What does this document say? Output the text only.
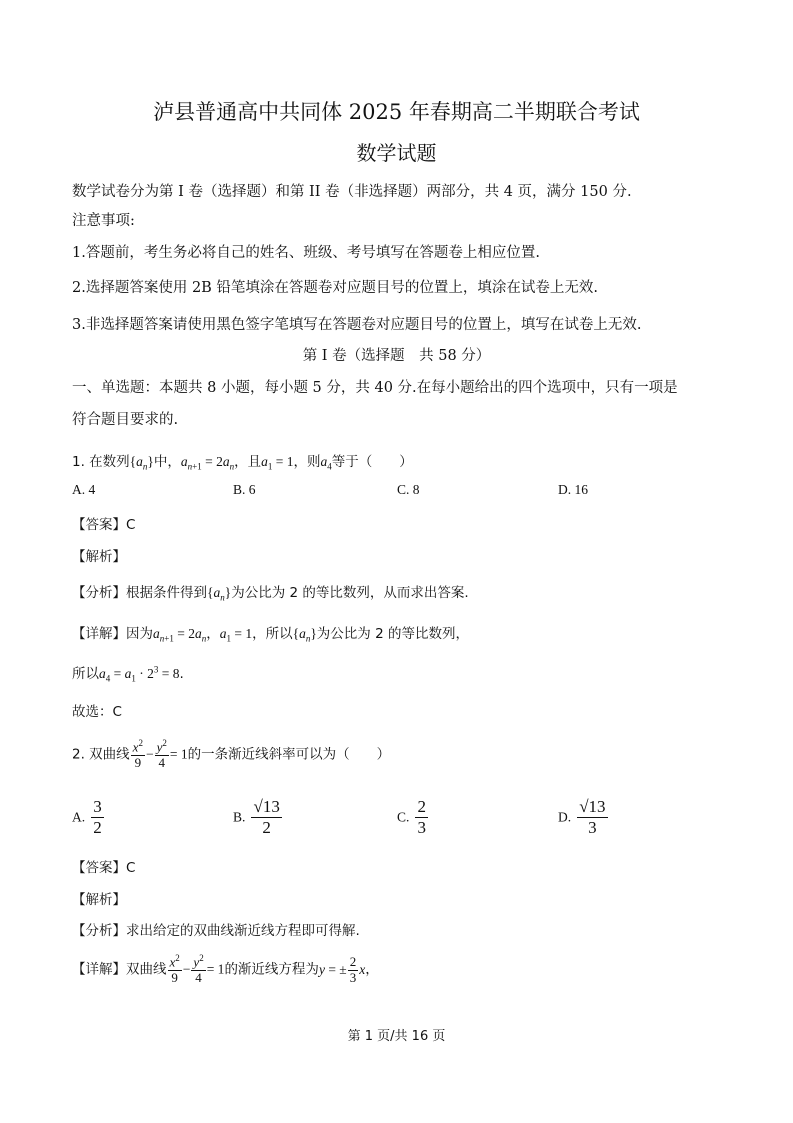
泸县普通高中共同体 2025 年春期高二半期联合考试
数学试题
数学试卷分为第 I 卷（选择题）和第 II 卷（非选择题）两部分，共 4 页，满分 150 分.
注意事项:
1.答题前，考生务必将自己的姓名、班级、考号填写在答题卷上相应位置.
2.选择题答案使用 2B 铅笔填涂在答题卷对应题目号的位置上，填涂在试卷上无效.
3.非选择题答案请使用黑色签字笔填写在答题卷对应题目号的位置上，填写在试卷上无效.
第 I 卷（选择题　共 58 分）
一、单选题：本题共 8 小题，每小题 5 分，共 40 分.在每小题给出的四个选项中，只有一项是
符合题目要求的.
1. 在数列$\{a_n\}$中，$a_{n+1} = 2a_n$，且$a_1 = 1$，则$a_4$等于（　　）
A. 4	B. 6	C. 8	D. 16
【答案】C
【解析】
【分析】根据条件得到$\{a_n\}$为公比为 2 的等比数列，从而求出答案.
【详解】因为$a_{n+1} = 2a_n$，$a_1 = 1$，所以$\{a_n\}$为公比为 2 的等比数列，
所以$a_4 = a_1 \cdot 2^3 = 8$.
故选：C
2. 双曲线 $\frac{x^2}{9} - \frac{y^2}{4} = 1$的一条渐近线斜率可以为（　　）
A. $\frac{3}{2}$	B. $\frac{√13}{2}$	C. $\frac{2}{3}$	D. $\frac{√13}{3}$
【答案】C
【解析】
【分析】求出给定的双曲线渐近线方程即可得解.
【详解】双曲线 $\frac{x^2}{9} - \frac{y^2}{4} = 1$的渐近线方程为y = ± $\frac{2}{3}$ x，
第 1 页/共 16 页
